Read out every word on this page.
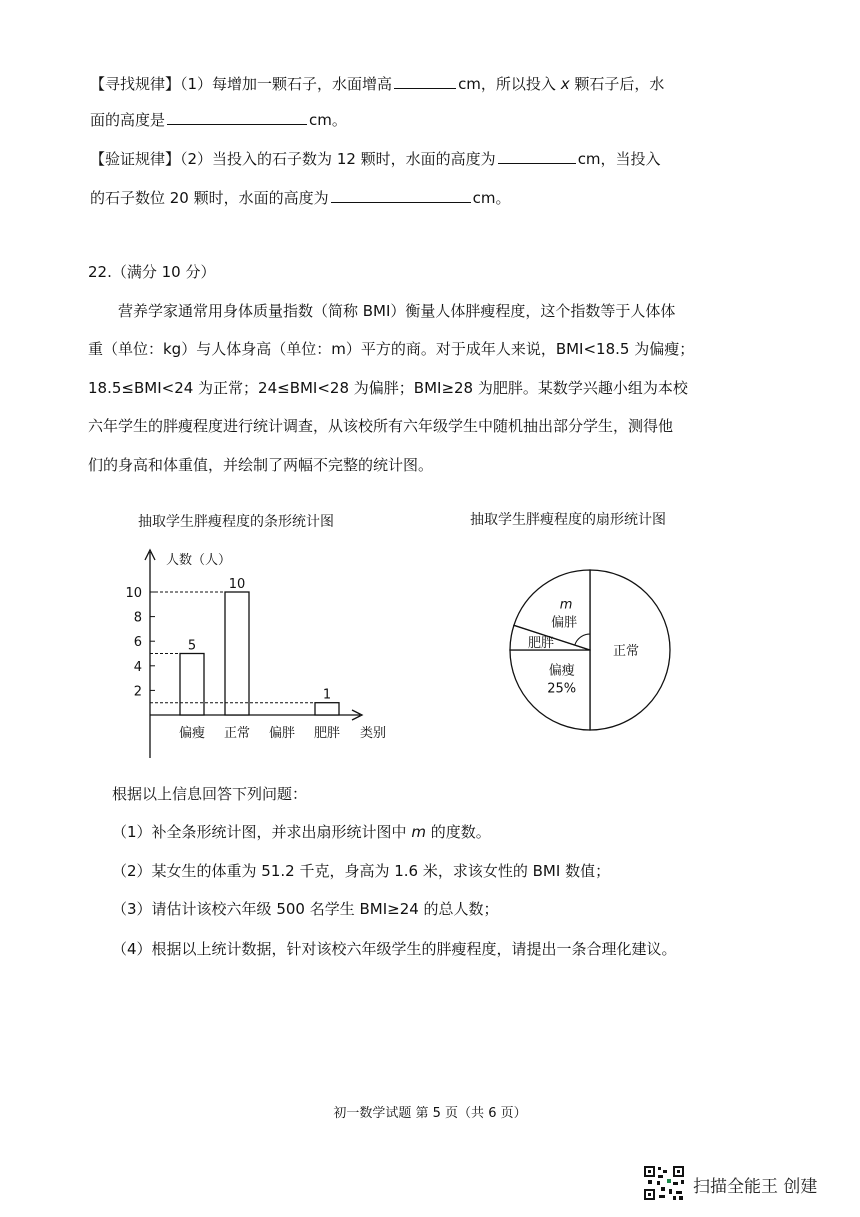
【寻找规律】（1）每增加一颗石子，水面增高	cm，所以投入 x 颗石子后，水
面的高度是	cm。
【验证规律】（2）当投入的石子数为 12 颗时，水面的高度为	cm，当投入
的石子数位 20 颗时，水面的高度为	cm。
22.（满分 10 分）
营养学家通常用身体质量指数（简称 BMI）衡量人体胖瘦程度，这个指数等于人体体
重（单位：kg）与人体身高（单位：m）平方的商。对于成年人来说，BMI<18.5 为偏瘦；
18.5≤BMI<24 为正常；24≤BMI<28 为偏胖；BMI≥28 为肥胖。某数学兴趣小组为本校
六年学生的胖瘦程度进行统计调查，从该校所有六年级学生中随机抽出部分学生，测得他
们的身高和体重值，并绘制了两幅不完整的统计图。
抽取学生胖瘦程度的条形统计图	抽取学生胖瘦程度的扇形统计图
人数（人）
类别
2
4
6
8
10
5
偏瘦
10
正常 偏胖
1
肥胖
正常
偏瘦
25%
肥胖
m
偏胖
根据以上信息回答下列问题：
（1）补全条形统计图，并求出扇形统计图中 m 的度数。
（2）某女生的体重为 51.2 千克，身高为 1.6 米，求该女性的 BMI 数值；
（3）请估计该校六年级 500 名学生 BMI≥24 的总人数；
（4）根据以上统计数据，针对该校六年级学生的胖瘦程度，请提出一条合理化建议。
初一数学试题 第 5 页（共 6 页）
扫描全能王 创建
